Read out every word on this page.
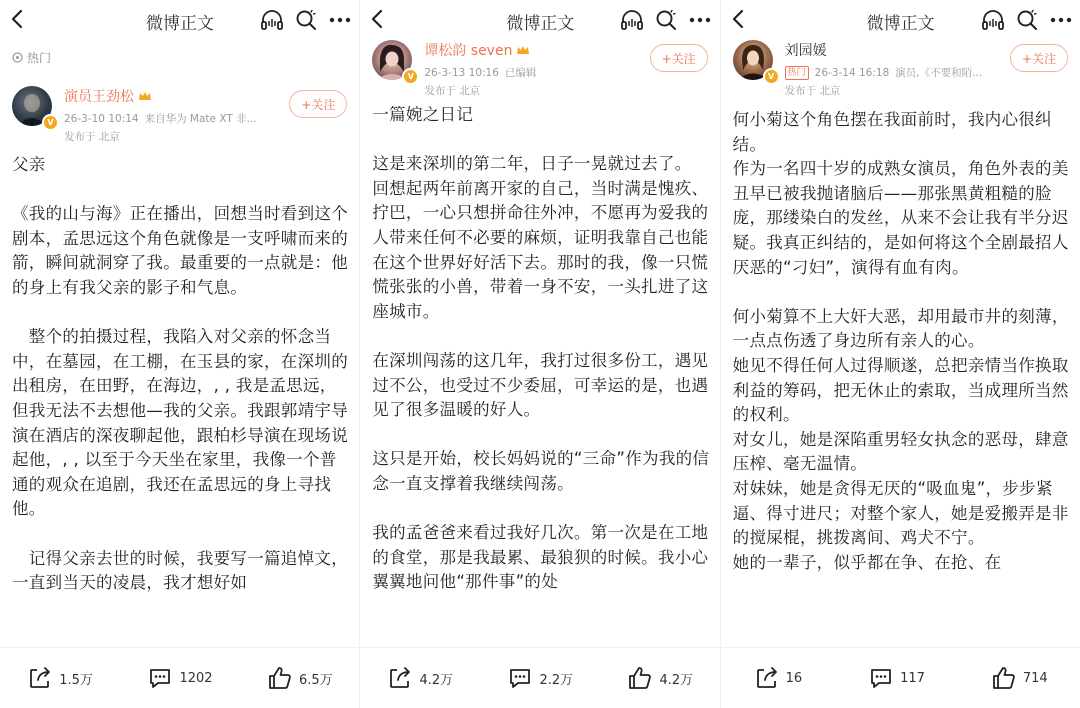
微博正文
热门
V
演员王劲松
26-3-10 10:14 来自华为 Mate XT 非...
发布于 北京
+关注

父亲

《我的山与海》正在播出，回想当时看到这个剧本，孟思远这个角色就像是一支呼啸而来的箭，瞬间就洞穿了我。最重要的一点就是：他的身上有我父亲的影子和气息。

　整个的拍摄过程，我陷入对父亲的怀念当中，在墓园，在工棚，在玉县的家，在深圳的出租房，在田野，在海边，, , 我是孟思远，但我无法不去想他—我的父亲。我跟郭靖宇导演在酒店的深夜聊起他，跟柏杉导演在现场说起他，, , 以至于今天坐在家里，我像一个普通的观众在追剧，我还在孟思远的身上寻找他。

　记得父亲去世的时候，我要写一篇追悼文，一直到当天的凌晨，我才想好如

1.5万	1202	6.5万
微博正文
V
谭松韵 seven
26-3-13 10:16 已编辑
发布于 北京
+关注

一篇婉之日记

这是来深圳的第二年，日子一晃就过去了。
回想起两年前离开家的自己，当时满是愧疚、拧巴，一心只想拼命往外冲，不愿再为爱我的人带来任何不必要的麻烦，证明我靠自己也能在这个世界好好活下去。那时的我，像一只慌慌张张的小兽，带着一身不安，一头扎进了这座城市。

在深圳闯荡的这几年，我打过很多份工，遇见过不公，也受过不少委屈，可幸运的是，也遇见了很多温暖的好人。

这只是开始，校长妈妈说的“三命”作为我的信念一直支撑着我继续闯荡。

我的孟爸爸来看过我好几次。第一次是在工地的食堂，那是我最累、最狼狈的时候。我小心翼翼地问他“那件事”的处

4.2万	2.2万	4.2万
微博正文
V
刘园媛
热门 26-3-14 16:18 演员,《不要和陌...
发布于 北京
+关注

何小菊这个角色摆在我面前时，我内心很纠结。
作为一名四十岁的成熟女演员，角色外表的美丑早已被我抛诸脑后——那张黑黄粗糙的脸庞，那缕染白的发丝，从来不会让我有半分迟疑。我真正纠结的，是如何将这个全剧最招人厌恶的“刁妇”，演得有血有肉。

何小菊算不上大奸大恶，却用最市井的刻薄，一点点伤透了身边所有亲人的心。
她见不得任何人过得顺遂，总把亲情当作换取利益的筹码，把无休止的索取，当成理所当然的权利。
对女儿，她是深陷重男轻女执念的恶母，肆意压榨、毫无温情。
对妹妹，她是贪得无厌的“吸血鬼”，步步紧逼、得寸进尺；对整个家人，她是爱搬弄是非的搅屎棍，挑拨离间、鸡犬不宁。
她的一辈子，似乎都在争、在抢、在

16	117	714
